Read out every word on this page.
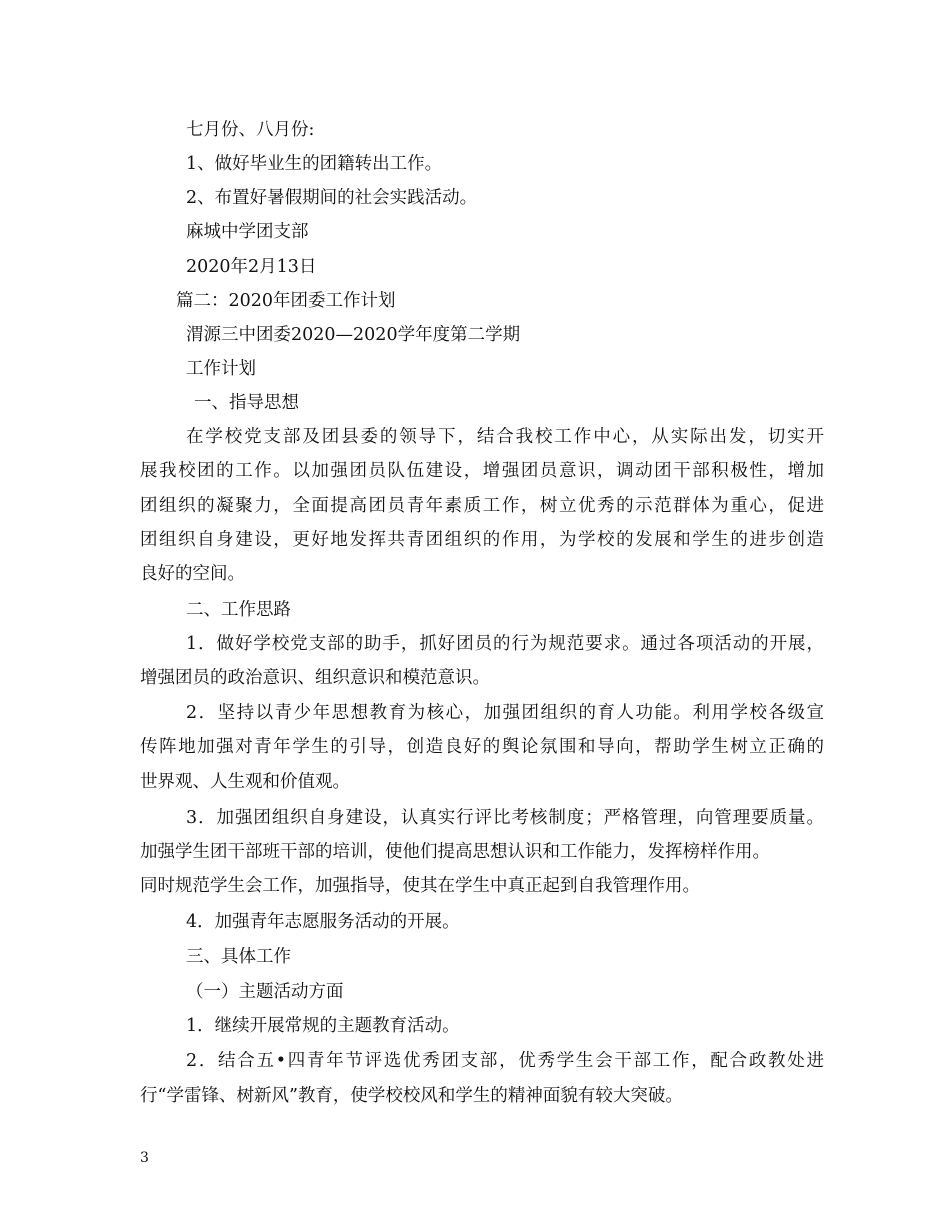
七月份、八月份:
1、做好毕业生的团籍转出工作。
2、布置好暑假期间的社会实践活动。
麻城中学团支部
2020年2月13日
篇二：2020年团委工作计划
渭源三中团委2020—2020学年度第二学期
工作计划
一、指导思想
在学校党支部及团县委的领导下，结合我校工作中心，从实际出发，切实开
展我校团的工作。以加强团员队伍建设，增强团员意识，调动团干部积极性，增加
团组织的凝聚力，全面提高团员青年素质工作，树立优秀的示范群体为重心，促进
团组织自身建设，更好地发挥共青团组织的作用，为学校的发展和学生的进步创造
良好的空间。
二、工作思路
1．做好学校党支部的助手，抓好团员的行为规范要求。通过各项活动的开展，
增强团员的政治意识、组织意识和模范意识。
2．坚持以青少年思想教育为核心，加强团组织的育人功能。利用学校各级宣
传阵地加强对青年学生的引导，创造良好的舆论氛围和导向，帮助学生树立正确的
世界观、人生观和价值观。
3．加强团组织自身建设，认真实行评比考核制度；严格管理，向管理要质量。
加强学生团干部班干部的培训，使他们提高思想认识和工作能力，发挥榜样作用。
同时规范学生会工作，加强指导，使其在学生中真正起到自我管理作用。
4．加强青年志愿服务活动的开展。
三、具体工作
（一）主题活动方面
1．继续开展常规的主题教育活动。
2．结合五•四青年节评选优秀团支部，优秀学生会干部工作，配合政教处进
行“学雷锋、树新风”教育，使学校校风和学生的精神面貌有较大突破。
3
